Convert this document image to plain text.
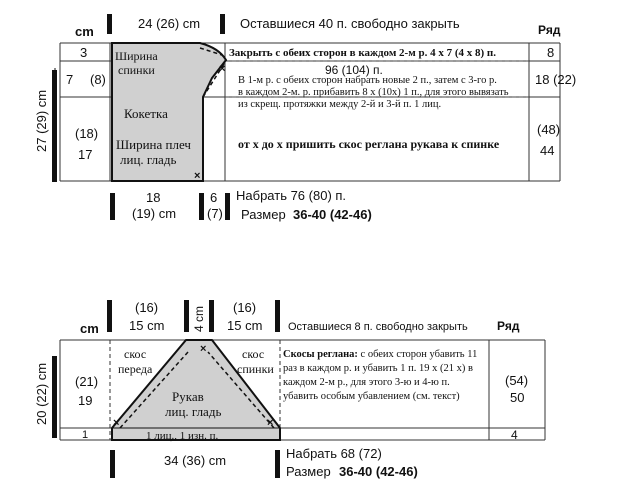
×
×
cm
24 (26) cm	Оставшиеся 40 п. свободно закрыть	Ряд
3
7 (8)
(18)
17
27 (29) cm
Ширина
спинки
Кокетка
Ширина плеч
лиц. гладь
Закрыть с обеих сторон в каждом 2-м р. 4 х 7 (4 х 8) п.
96 (104) п.
В 1-м р. с обеих сторон набрать новые 2 п., затем с 3-го р.
в каждом 2-м. р. прибавить 8 х (10х) 1 п., для этого вывязать
из скрещ. протяжки между 2-й и 3-й п. 1 лиц.
от х до х пришить скос реглана рукава к спинке
8
18 (22)
(48)
44
18
(19) cm
6
(7)
Набрать 76 (80) п.
Размер 36-40 (42-46)
×
×	×
cm
(16)
15 cm 4 cm (16)
15 cm Оставшиеся 8 п. свободно закрыть Ряд
(21)
19
1
20 (22) cm
скос
переда
скос
спинки
Рукав
лиц. гладь
1 лиц., 1 изн. п.
Скосы реглана: с обеих сторон убавить 11
раз в каждом р. и убавить 1 п. 19 х (21 х) в
каждом 2-м р., для этого 3-ю и 4-ю п.
убавить особым убавлением (см. текст)
(54)
50
4
34 (36) cm	Набрать 68 (72)
Размер 36-40 (42-46)
